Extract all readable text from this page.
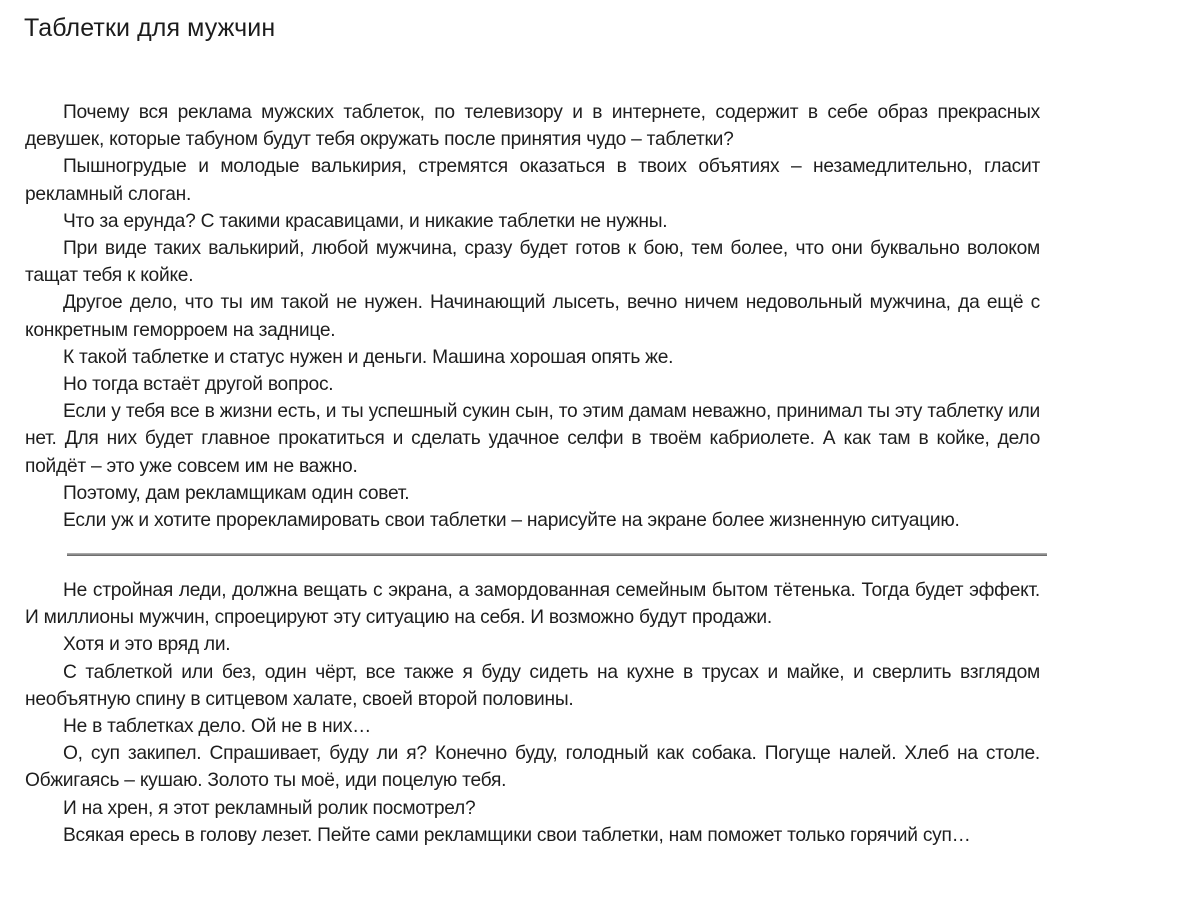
Таблетки для мужчин

Почему вся реклама мужских таблеток, по телевизору и в интернете, содержит в себе образ прекрасных девушек, которые табуном будут тебя окружать после принятия чудо – таблетки?

Пышногрудые и молодые валькирия, стремятся оказаться в твоих объятиях – незамедлительно, гласит рекламный слоган.

Что за ерунда? С такими красавицами, и никакие таблетки не нужны.

При виде таких валькирий, любой мужчина, сразу будет готов к бою, тем более, что они буквально волоком тащат тебя к койке.

Другое дело, что ты им такой не нужен. Начинающий лысеть, вечно ничем недовольный мужчина, да ещё с конкретным геморроем на заднице.

К такой таблетке и статус нужен и деньги. Машина хорошая опять же.

Но тогда встаёт другой вопрос.

Если у тебя все в жизни есть, и ты успешный сукин сын, то этим дамам неважно, принимал ты эту таблетку или нет. Для них будет главное прокатиться и сделать удачное селфи в твоём кабриолете. А как там в койке, дело пойдёт – это уже совсем им не важно.

Поэтому, дам рекламщикам один совет.

Если уж и хотите прорекламировать свои таблетки – нарисуйте на экране более жизненную ситуацию.

Не стройная леди, должна вещать с экрана, а замордованная семейным бытом тётенька. Тогда будет эффект. И миллионы мужчин, спроецируют эту ситуацию на себя. И возможно будут продажи.

Хотя и это вряд ли.

С таблеткой или без, один чёрт, все также я буду сидеть на кухне в трусах и майке, и сверлить взглядом необъятную спину в ситцевом халате, своей второй половины.

Не в таблетках дело. Ой не в них…

О, суп закипел. Спрашивает, буду ли я? Конечно буду, голодный как собака. Погуще налей. Хлеб на столе. Обжигаясь – кушаю. Золото ты моё, иди поцелую тебя.

И на хрен, я этот рекламный ролик посмотрел?

Всякая ересь в голову лезет. Пейте сами рекламщики свои таблетки, нам поможет только горячий суп…
